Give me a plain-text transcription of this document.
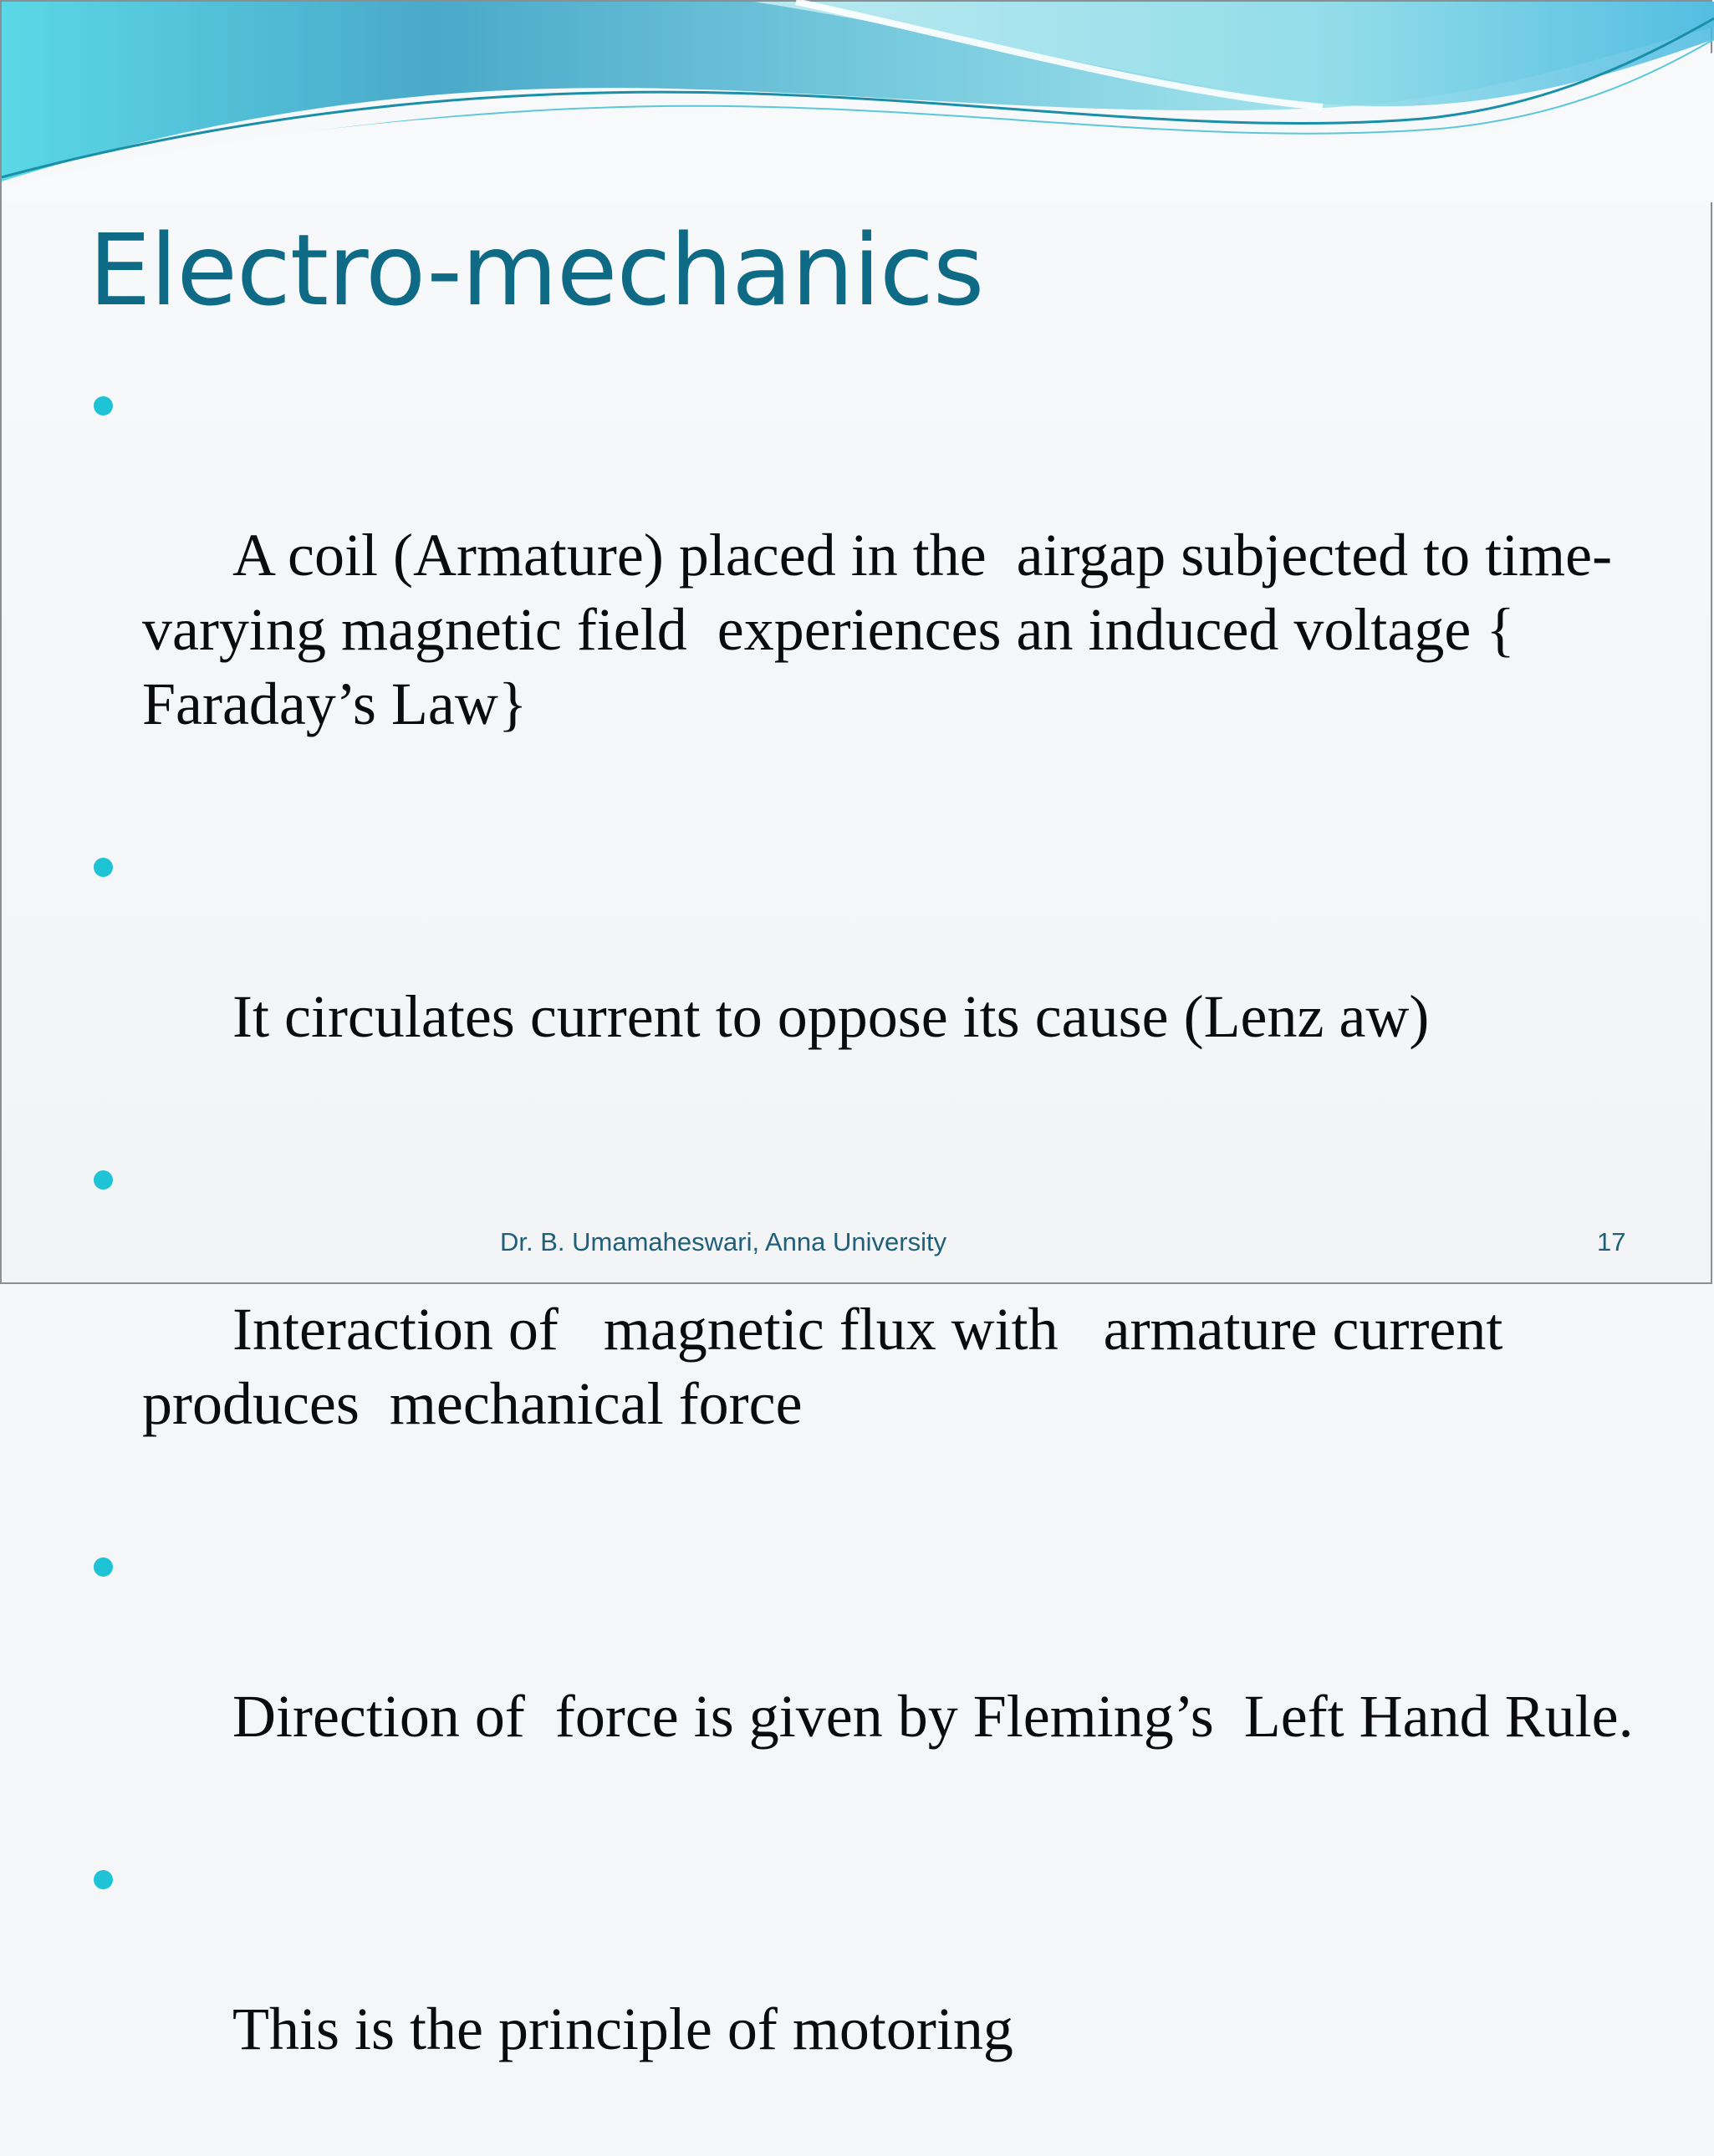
Electro-mechanics

A coil (Armature) placed in the  airgap subjected to time-varying magnetic field  experiences an induced voltage {   Faraday’s Law}

It circulates current to oppose its cause (Lenz aw)

Interaction of   magnetic flux with   armature current produces  mechanical force

Direction of  force is given by Fleming’s  Left Hand Rule.

This is the principle of motoring

Dr. B. Umamaheswari, Anna University	17
